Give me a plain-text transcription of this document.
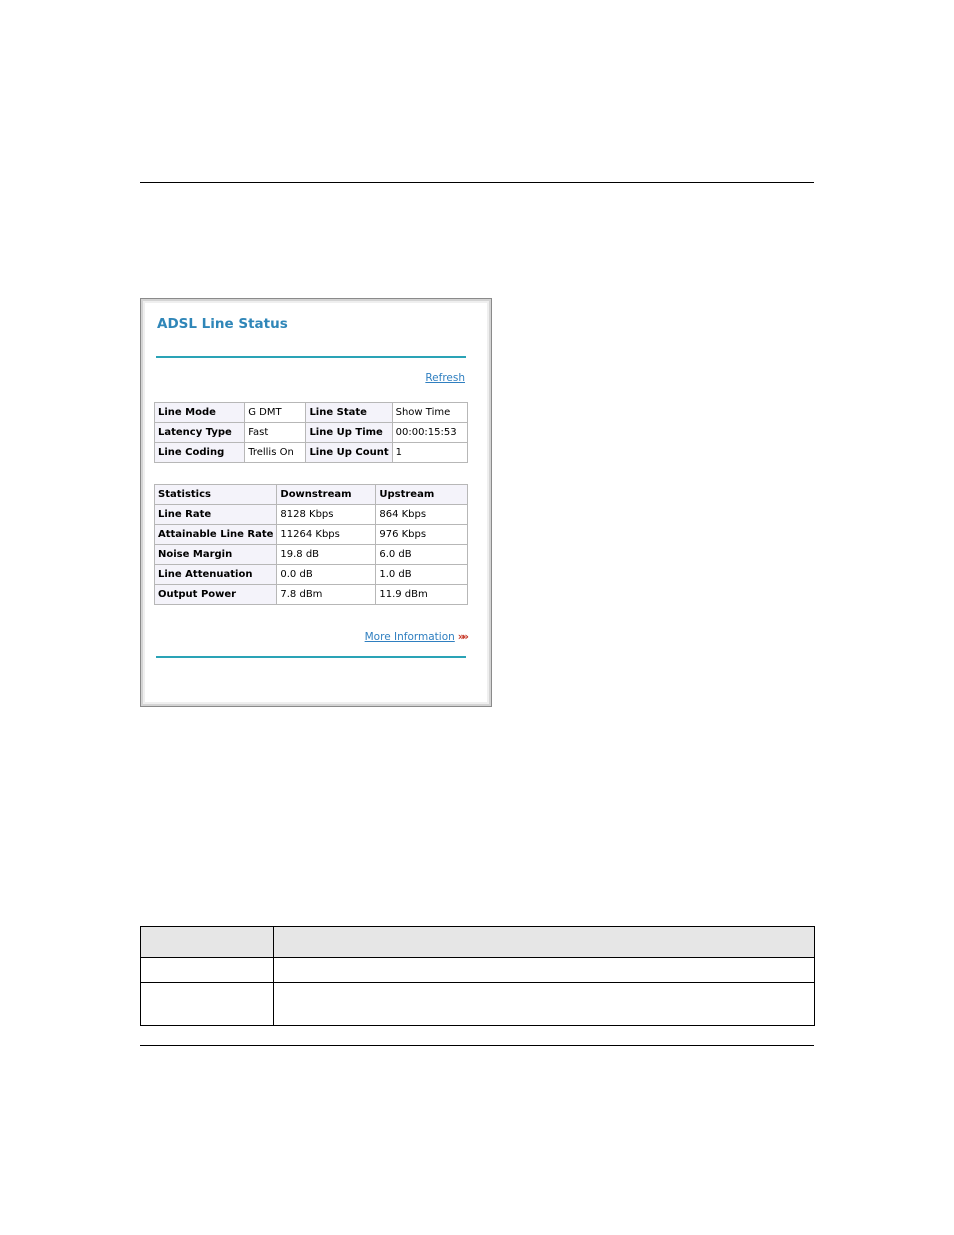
ADSL Line Status
Refresh
Line Mode	G DMT	Line State	Show Time
Latency Type	Fast	Line Up Time	00:00:15:53
Line Coding	Trellis On	Line Up Count	1
Statistics	Downstream	Upstream
Line Rate	8128 Kbps	864 Kbps
Attainable Line Rate	11264 Kbps	976 Kbps
Noise Margin	19.8 dB	6.0 dB
Line Attenuation	0.0 dB	1.0 dB
Output Power	7.8 dBm	11.9 dBm
More Information »»
